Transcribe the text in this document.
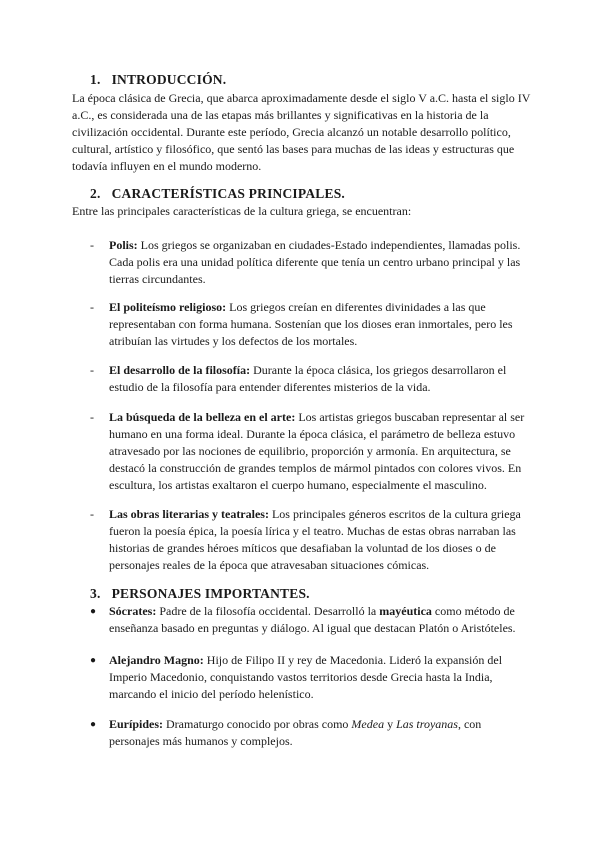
1. INTRODUCCIÓN.

La época clásica de Grecia, que abarca aproximadamente desde el siglo V a.C. hasta el siglo IV a.C., es considerada una de las etapas más brillantes y significativas en la historia de la civilización occidental. Durante este período, Grecia alcanzó un notable desarrollo político, cultural, artístico y filosófico, que sentó las bases para muchas de las ideas y estructuras que todavía influyen en el mundo moderno.

2. CARACTERÍSTICAS PRINCIPALES.

Entre las principales características de la cultura griega, se encuentran:

- Polis: Los griegos se organizaban en ciudades-Estado independientes, llamadas polis. Cada polis era una unidad política diferente que tenía un centro urbano principal y las tierras circundantes.
- El politeísmo religioso: Los griegos creían en diferentes divinidades a las que representaban con forma humana. Sostenían que los dioses eran inmortales, pero les atribuían las virtudes y los defectos de los mortales.
- El desarrollo de la filosofía: Durante la época clásica, los griegos desarrollaron el estudio de la filosofía para entender diferentes misterios de la vida.
- La búsqueda de la belleza en el arte: Los artistas griegos buscaban representar al ser humano en una forma ideal. Durante la época clásica, el parámetro de belleza estuvo atravesado por las nociones de equilibrio, proporción y armonía. En arquitectura, se destacó la construcción de grandes templos de mármol pintados con colores vivos. En escultura, los artistas exaltaron el cuerpo humano, especialmente el masculino.
- Las obras literarias y teatrales: Los principales géneros escritos de la cultura griega fueron la poesía épica, la poesía lírica y el teatro. Muchas de estas obras narraban las historias de grandes héroes míticos que desafiaban la voluntad de los dioses o de personajes reales de la época que atravesaban situaciones cómicas.
3. PERSONAJES IMPORTANTES.
● Sócrates: Padre de la filosofía occidental. Desarrolló la mayéutica como método de enseñanza basado en preguntas y diálogo. Al igual que destacan Platón o Aristóteles.
● Alejandro Magno: Hijo de Filipo II y rey de Macedonia. Lideró la expansión del Imperio Macedonio, conquistando vastos territorios desde Grecia hasta la India, marcando el inicio del período helenístico.
● Eurípides: Dramaturgo conocido por obras como Medea y Las troyanas, con personajes más humanos y complejos.
